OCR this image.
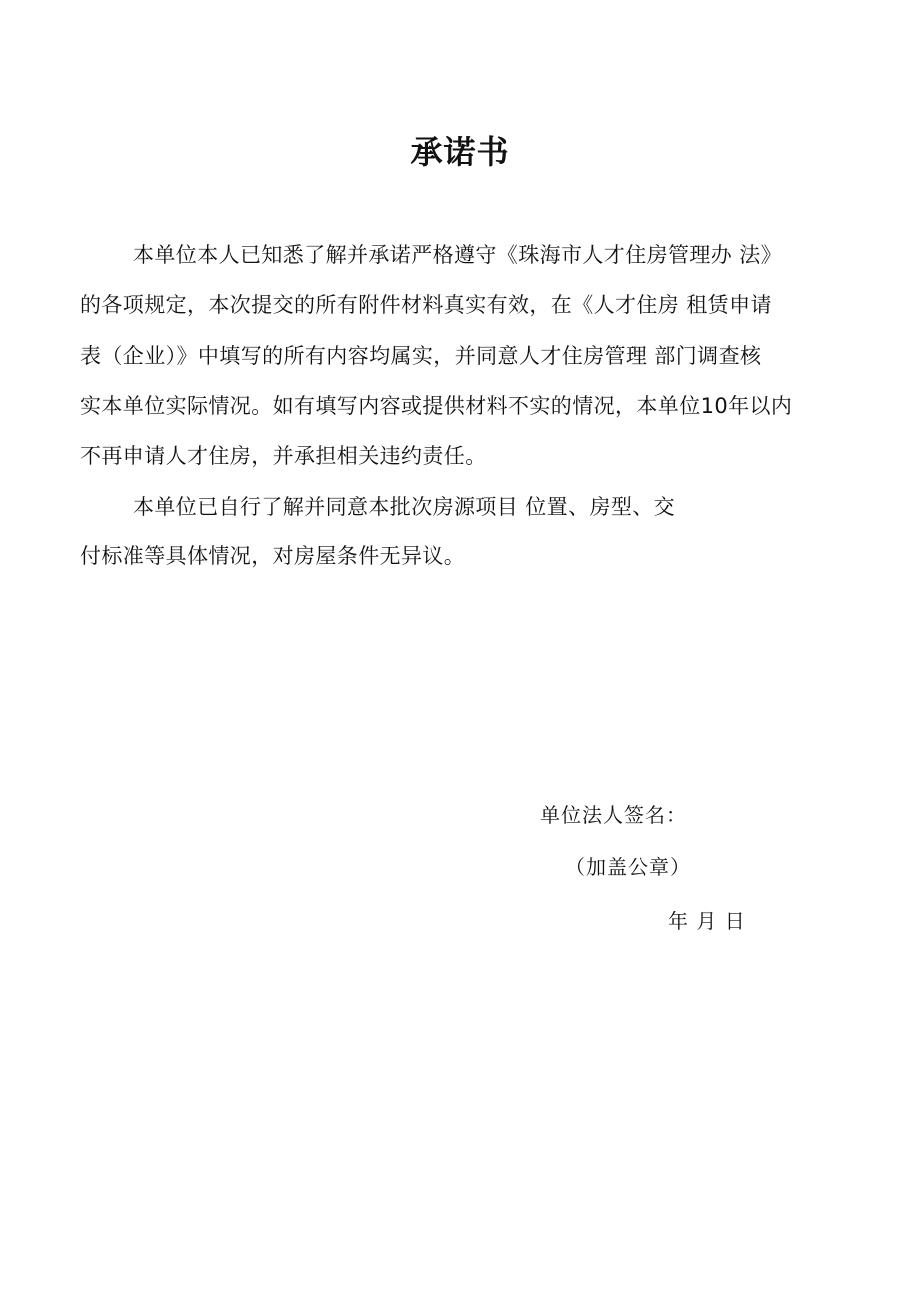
承诺书
本单位本人已知悉了解并承诺严格遵守《珠海市人才住房管理办 法》
的各项规定，本次提交的所有附件材料真实有效，在《人才住房 租赁申请
表（企业）》中填写的所有内容均属实，并同意人才住房管理 部门调查核
实本单位实际情况。如有填写内容或提供材料不实的情况，本单位10年以内
不再申请人才住房，并承担相关违约责任。
本单位已自行了解并同意本批次房源项目 位置、房型、交
付标准等具体情况，对房屋条件无异议。
单位法人签名：
（加盖公章）
年 月 日
